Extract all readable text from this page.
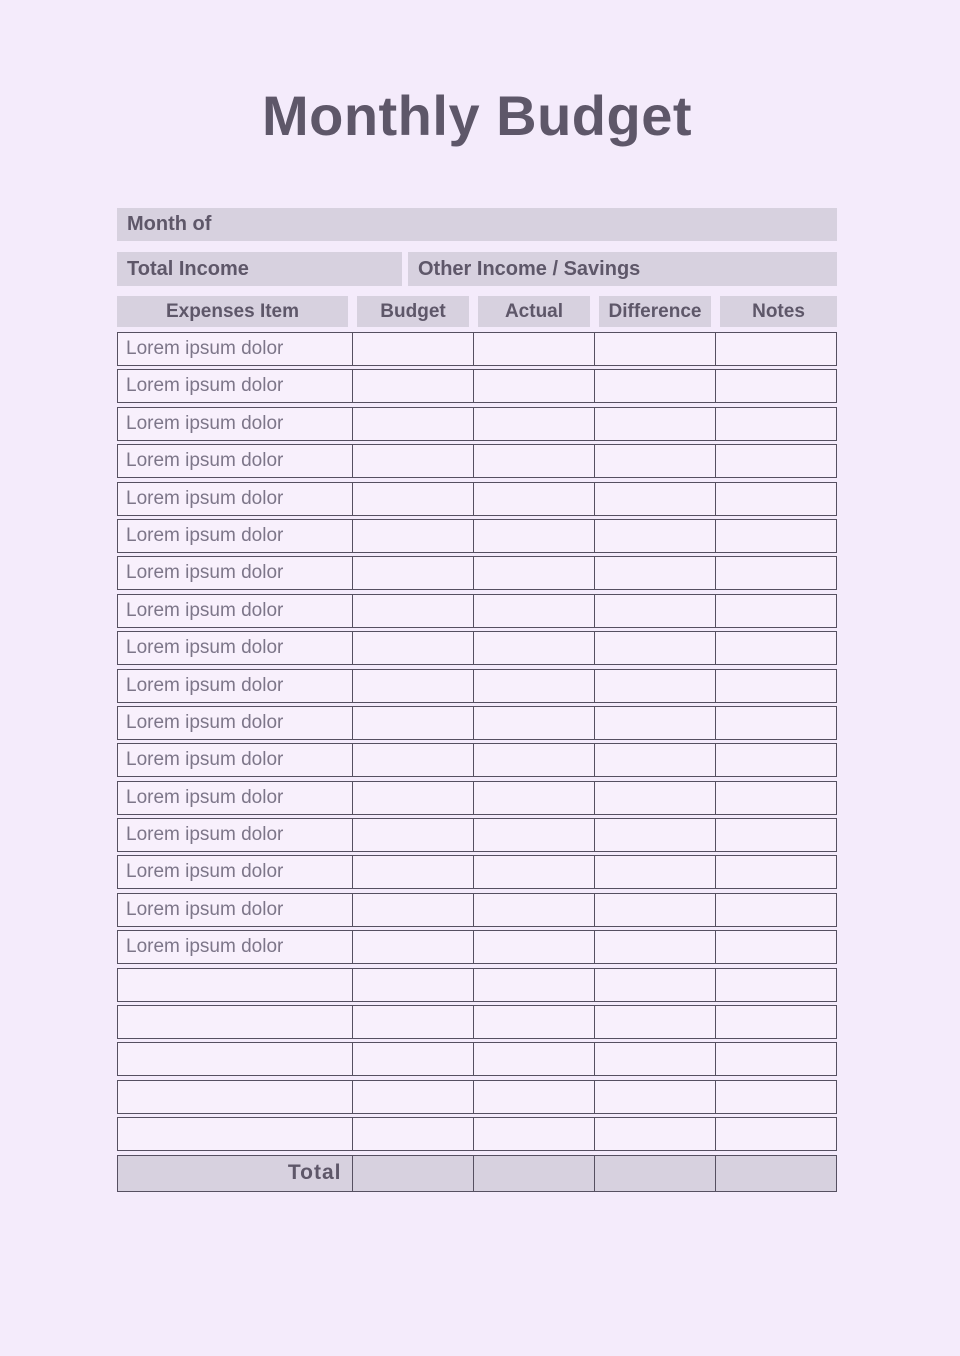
Monthly Budget
Month of
Total Income	Other Income / Savings
Expenses Item	Budget	Actual	Difference	Notes
Lorem ipsum dolor
Lorem ipsum dolor
Lorem ipsum dolor
Lorem ipsum dolor
Lorem ipsum dolor
Lorem ipsum dolor
Lorem ipsum dolor
Lorem ipsum dolor
Lorem ipsum dolor
Lorem ipsum dolor
Lorem ipsum dolor
Lorem ipsum dolor
Lorem ipsum dolor
Lorem ipsum dolor
Lorem ipsum dolor
Lorem ipsum dolor
Lorem ipsum dolor
Total
